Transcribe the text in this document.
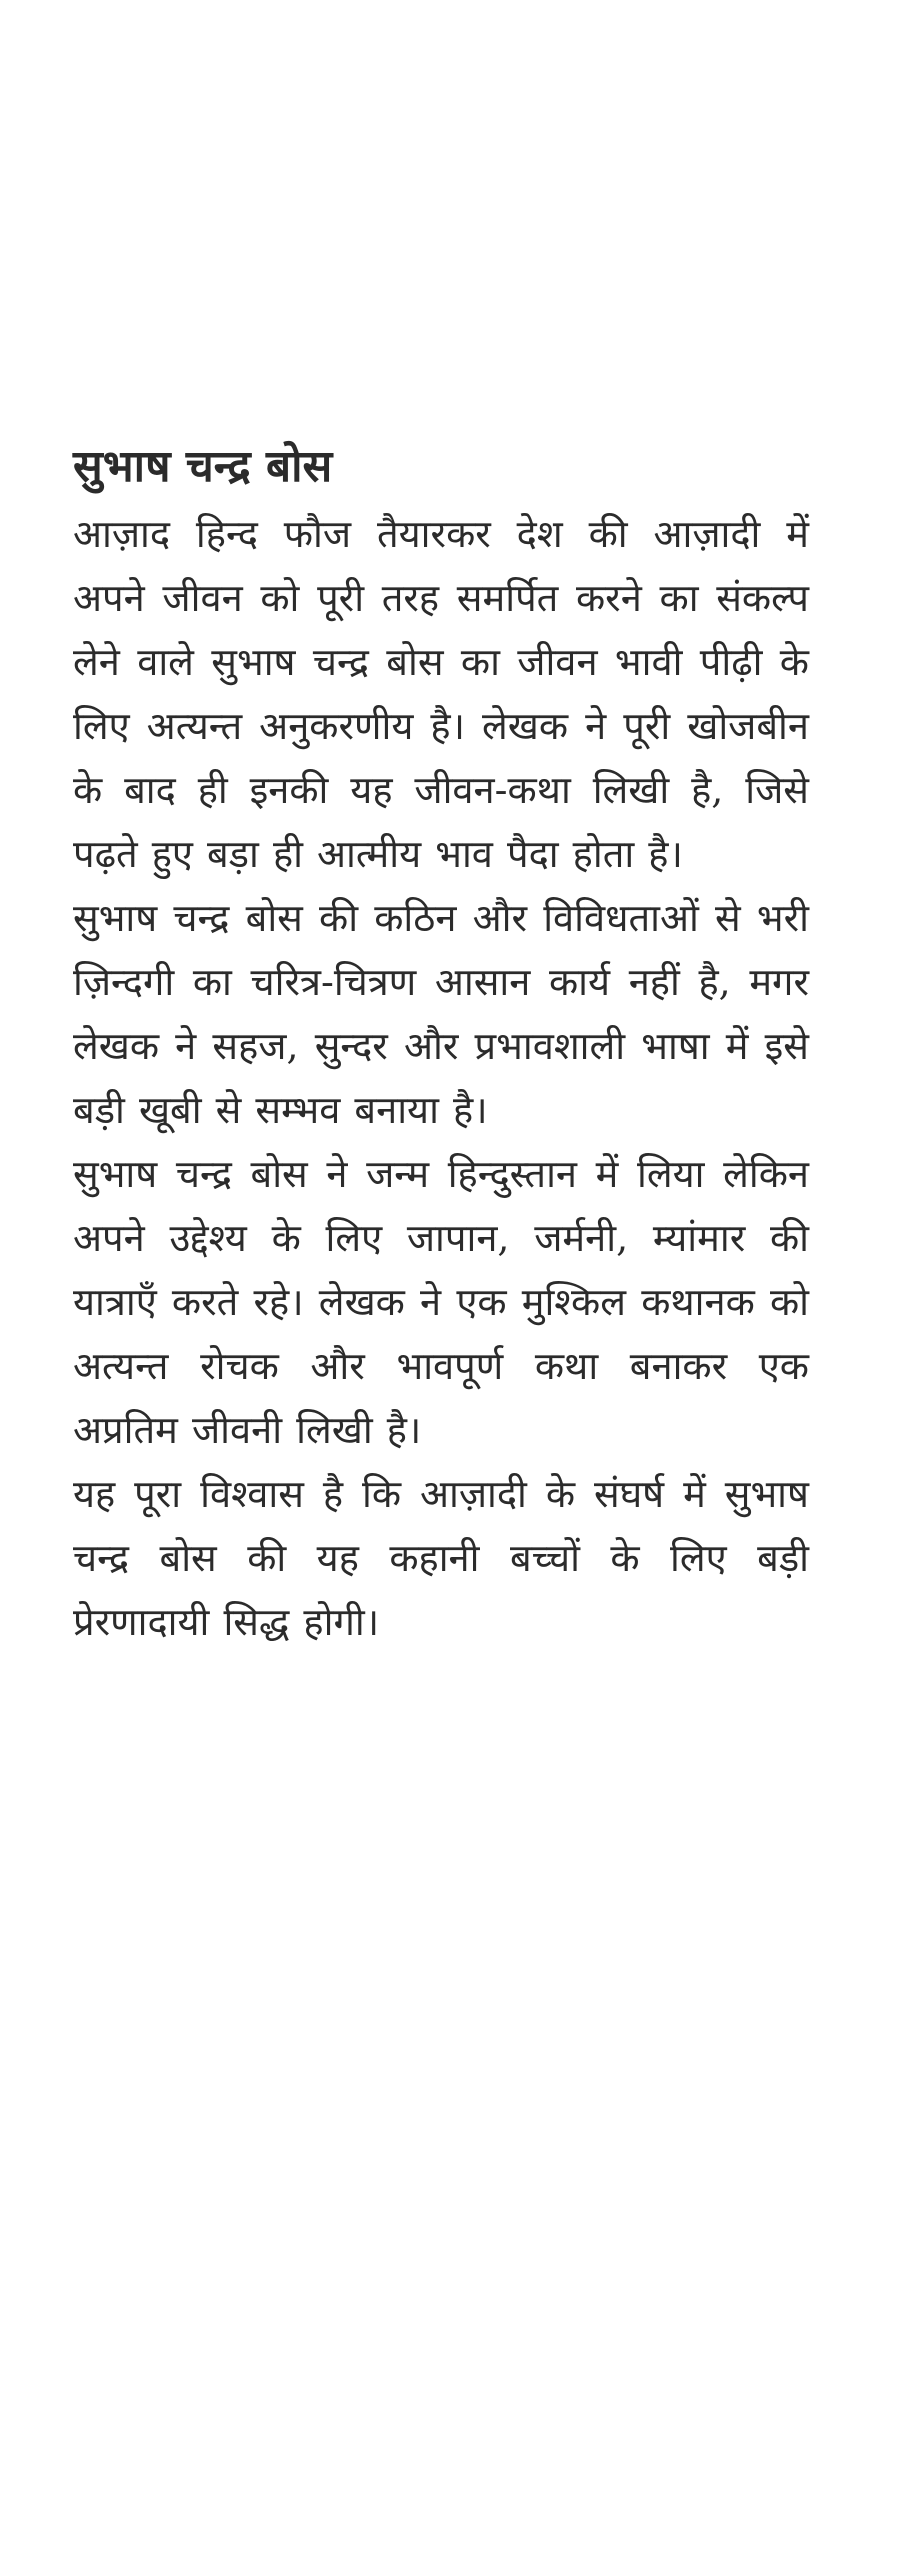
सुभाष चन्द्र बोस

आज़ाद हिन्द फौज तैयारकर देश की आज़ादी में अपने जीवन को पूरी तरह समर्पित करने का संकल्प लेने वाले सुभाष चन्द्र बोस का जीवन भावी पीढ़ी के लिए अत्यन्त अनुकरणीय है। लेखक ने पूरी खोजबीन के बाद ही इनकी यह जीवन-कथा लिखी है, जिसे पढ़ते हुए बड़ा ही आत्मीय भाव पैदा होता है।

सुभाष चन्द्र बोस की कठिन और विविधताओं से भरी ज़िन्दगी का चरित्र-चित्रण आसान कार्य नहीं है, मगर लेखक ने सहज, सुन्दर और प्रभावशाली भाषा में इसे बड़ी खूबी से सम्भव बनाया है।

सुभाष चन्द्र बोस ने जन्म हिन्दुस्तान में लिया लेकिन अपने उद्देश्य के लिए जापान, जर्मनी, म्यांमार की यात्राएँ करते रहे। लेखक ने एक मुश्किल कथानक को अत्यन्त रोचक और भावपूर्ण कथा बनाकर एक अप्रतिम जीवनी लिखी है।

यह पूरा विश्वास है कि आज़ादी के संघर्ष में सुभाष चन्द्र बोस की यह कहानी बच्चों के लिए बड़ी प्रेरणादायी सिद्ध होगी।
